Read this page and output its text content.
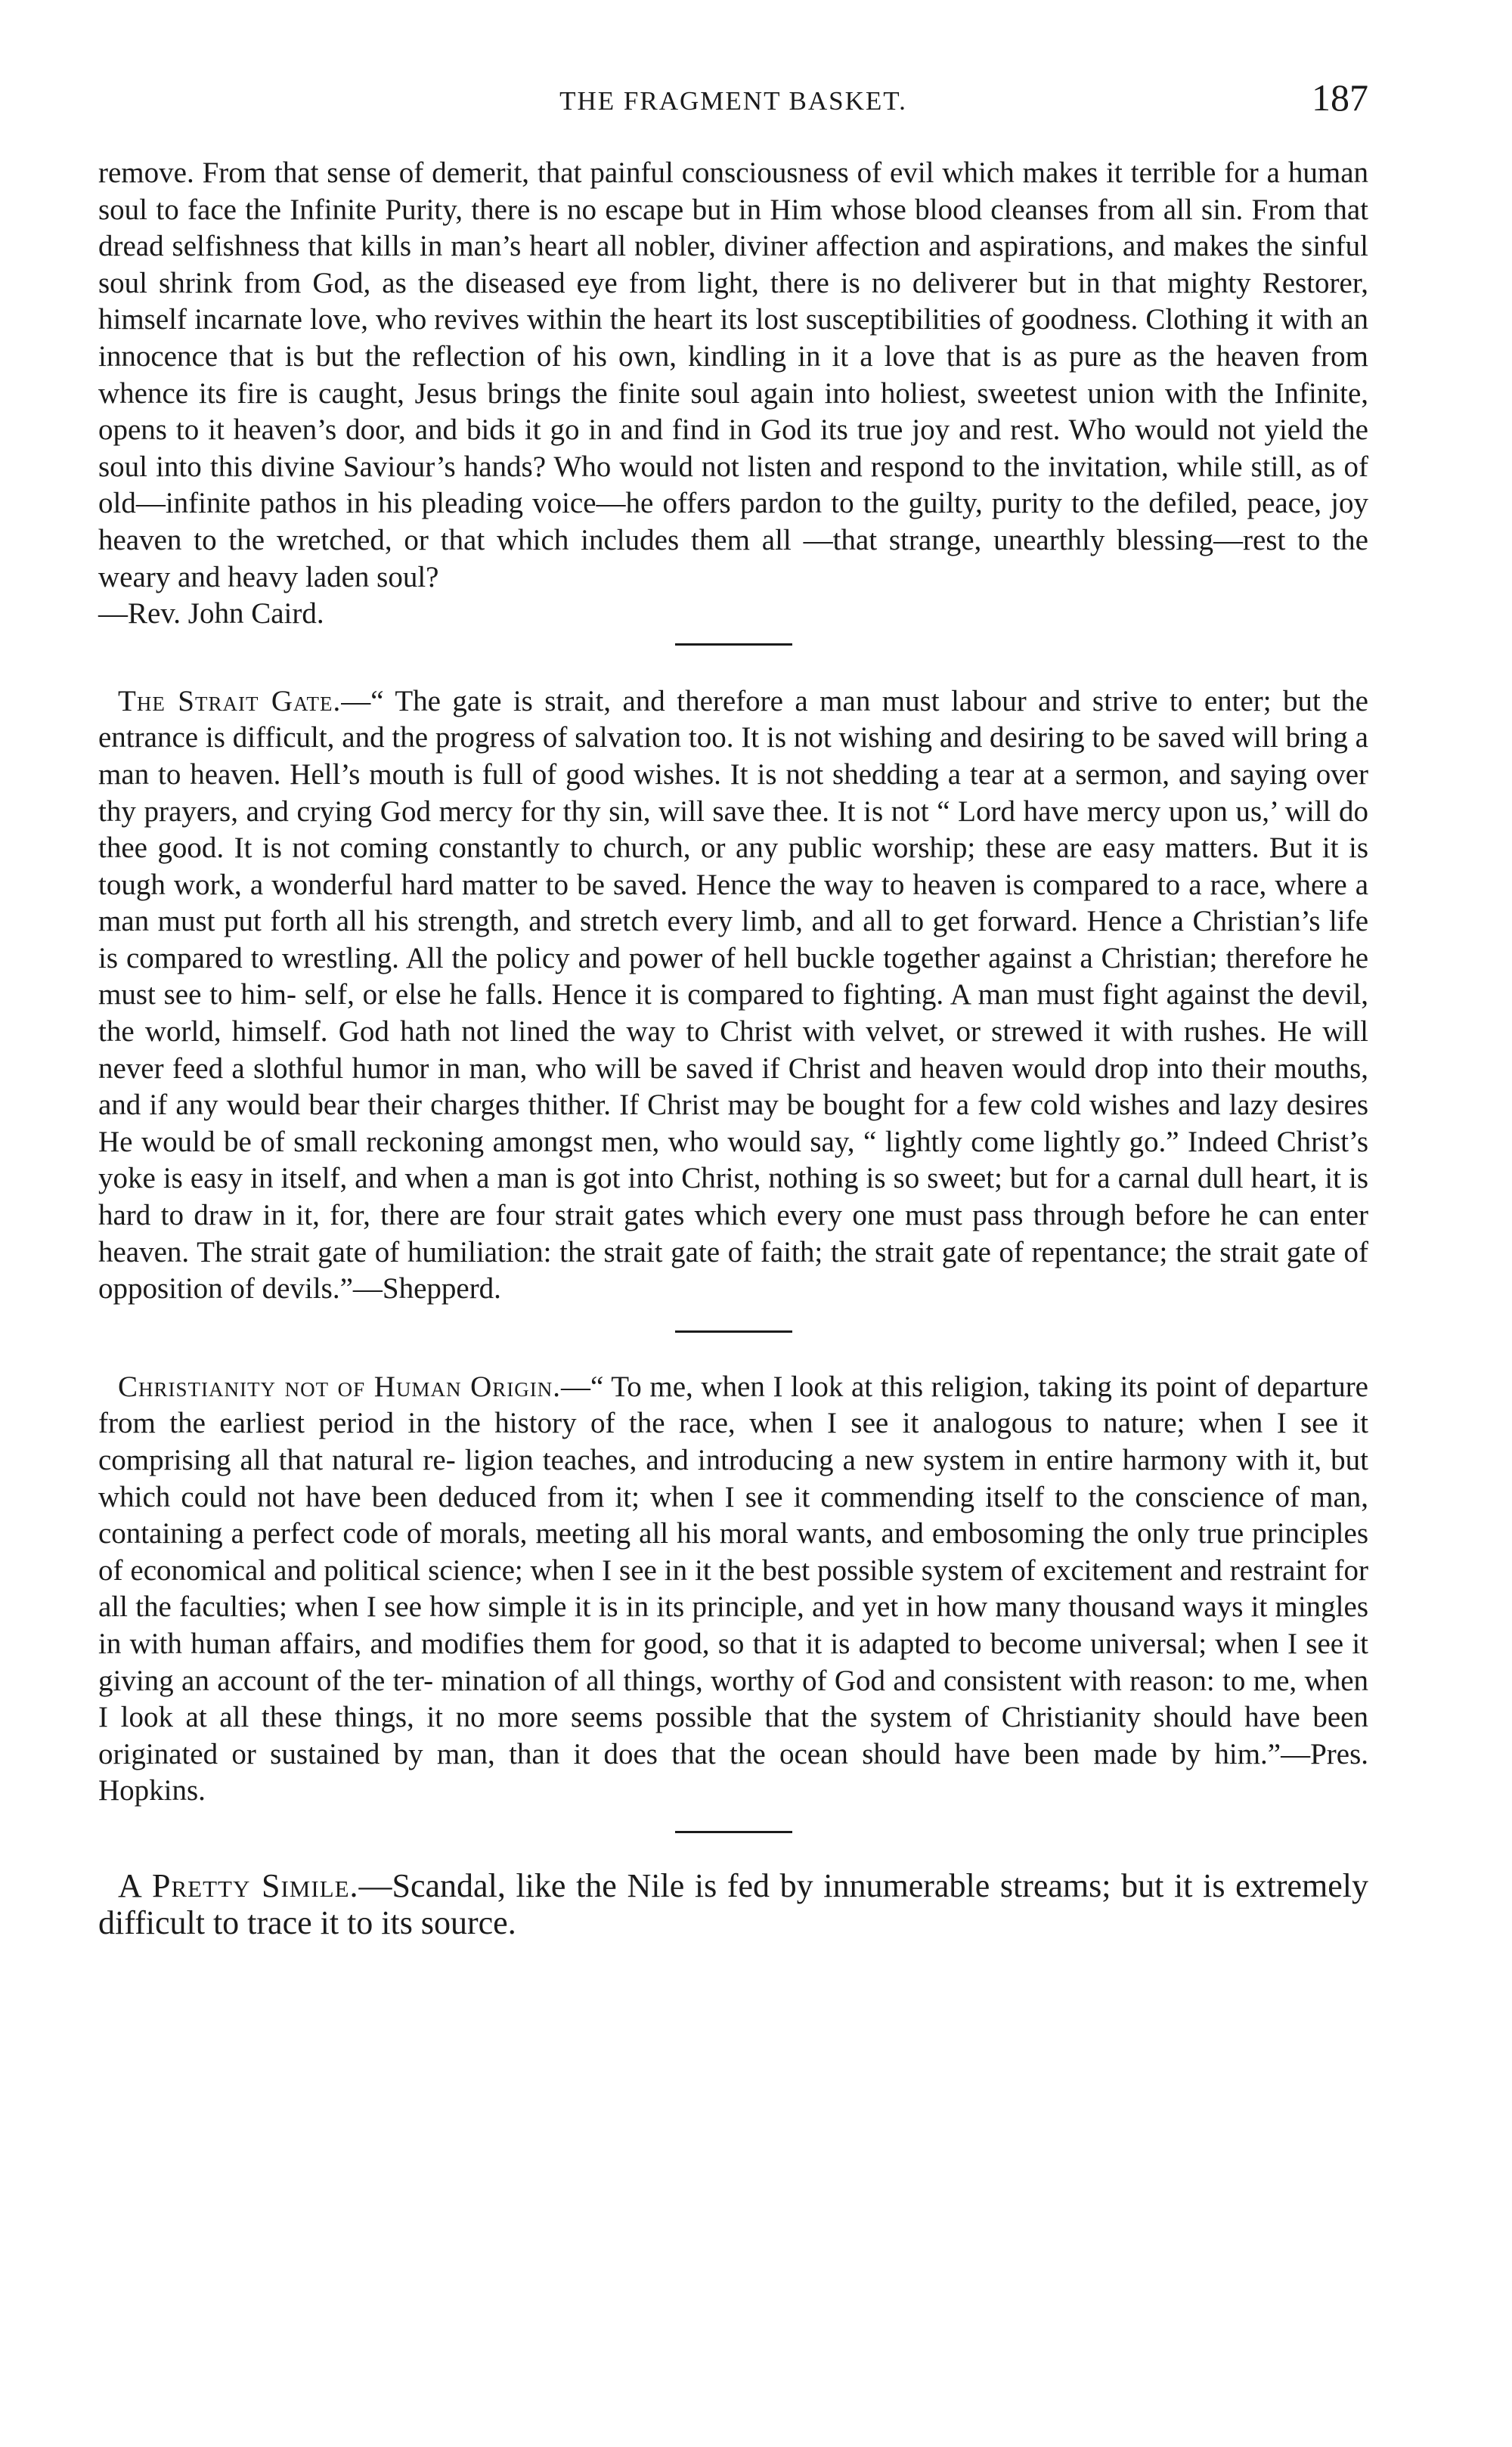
THE FRAGMENT BASKET.	187

remove. From that sense of demerit, that painful consciousness of evil which makes it terrible for a human soul to face the Infinite Purity, there is no escape but in Him whose blood cleanses from all sin. From that dread selfishness that kills in man’s heart all nobler, diviner affection and aspirations, and makes the sinful soul shrink from God, as the diseased eye from light, there is no deliverer but in that mighty Restorer, himself incarnate love, who revives within the heart its lost susceptibilities of goodness. Clothing it with an innocence that is but the reflection of his own, kindling in it a love that is as pure as the heaven from whence its fire is caught, Jesus brings the finite soul again into holiest, sweetest union with the Infinite, opens to it heaven’s door, and bids it go in and find in God its true joy and rest. Who would not yield the soul into this divine Saviour’s hands? Who would not listen and respond to the invitation, while still, as of old—infinite pathos in his pleading voice—he offers pardon to the guilty, purity to the defiled, peace, joy heaven to the wretched, or that which includes them all —that strange, unearthly blessing—rest to the weary and heavy laden soul?
—Rev. John Caird.

The Strait Gate.—“ The gate is strait, and therefore a man must labour and strive to enter; but the entrance is difficult, and the progress of salvation too. It is not wishing and desiring to be saved will bring a man to heaven. Hell’s mouth is full of good wishes. It is not shedding a tear at a sermon, and saying over thy prayers, and crying God mercy for thy sin, will save thee. It is not “ Lord have mercy upon us,’ will do thee good. It is not coming constantly to church, or any public worship; these are easy matters. But it is tough work, a wonderful hard matter to be saved. Hence the way to heaven is compared to a race, where a man must put forth all his strength, and stretch every limb, and all to get forward. Hence a Christian’s life is compared to wrestling. All the policy and power of hell buckle together against a Christian; therefore he must see to him- self, or else he falls. Hence it is compared to fighting. A man must fight against the devil, the world, himself. God hath not lined the way to Christ with velvet, or strewed it with rushes. He will never feed a slothful humor in man, who will be saved if Christ and heaven would drop into their mouths, and if any would bear their charges thither. If Christ may be bought for a few cold wishes and lazy desires He would be of small reckoning amongst men, who would say, “ lightly come lightly go.” Indeed Christ’s yoke is easy in itself, and when a man is got into Christ, nothing is so sweet; but for a carnal dull heart, it is hard to draw in it, for, there are four strait gates which every one must pass through before he can enter heaven. The strait gate of humiliation: the strait gate of faith; the strait gate of repentance; the strait gate of opposition of devils.”—Shepperd.

Christianity not of Human Origin.—“ To me, when I look at this religion, taking its point of departure from the earliest period in the history of the race, when I see it analogous to nature; when I see it comprising all that natural re- ligion teaches, and introducing a new system in entire harmony with it, but which could not have been deduced from it; when I see it commending itself to the conscience of man, containing a perfect code of morals, meeting all his moral wants, and embosoming the only true principles of economical and political science; when I see in it the best possible system of excitement and restraint for all the faculties; when I see how simple it is in its principle, and yet in how many thousand ways it mingles in with human affairs, and modifies them for good, so that it is adapted to become universal; when I see it giving an account of the ter- mination of all things, worthy of God and consistent with reason: to me, when I look at all these things, it no more seems possible that the system of Christianity should have been originated or sustained by man, than it does that the ocean should have been made by him.”—Pres. Hopkins.

A Pretty Simile.—Scandal, like the Nile is fed by innumerable streams; but it is extremely difficult to trace it to its source.
